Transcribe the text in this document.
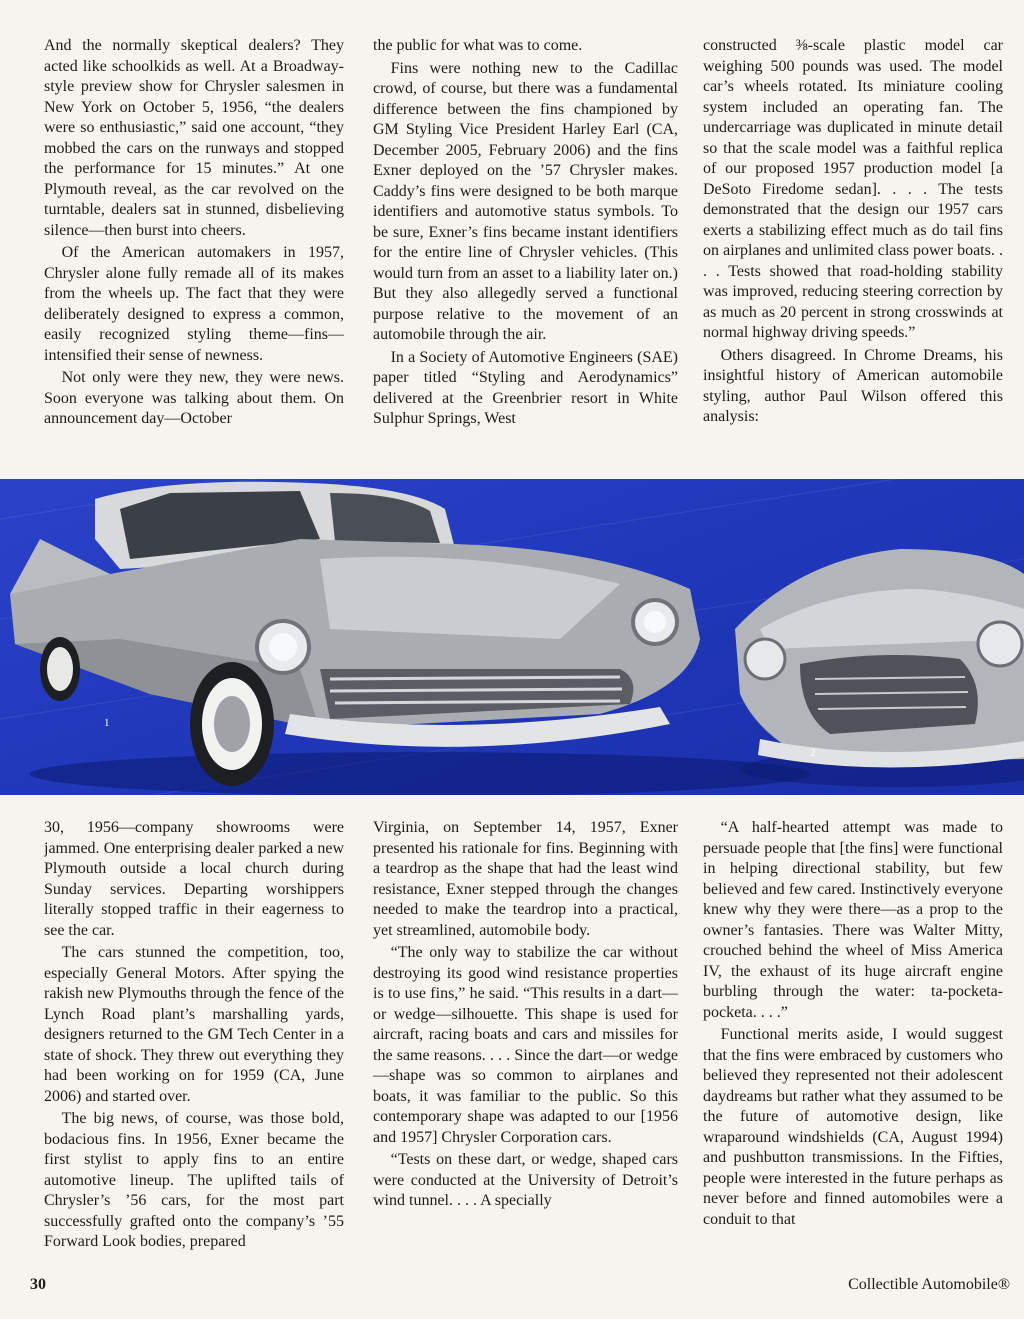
And the normally skeptical dealers? They acted like schoolkids as well. At a Broadway-style preview show for Chrysler salesmen in New York on October 5, 1956, “the dealers were so enthusiastic,” said one account, “they mobbed the cars on the runways and stopped the performance for 15 minutes.” At one Plymouth reveal, as the car revolved on the turntable, dealers sat in stunned, disbelieving silence—then burst into cheers.

Of the American automakers in 1957, Chrysler alone fully remade all of its makes from the wheels up. The fact that they were deliberately designed to express a common, easily recognized styling theme—fins—intensified their sense of newness.

Not only were they new, they were news. Soon everyone was talking about them. On announcement day—October

the public for what was to come.

Fins were nothing new to the Cadillac crowd, of course, but there was a fundamental difference between the fins championed by GM Styling Vice President Harley Earl (CA, December 2005, February 2006) and the fins Exner deployed on the ’57 Chrysler makes. Caddy’s fins were designed to be both marque identifiers and automotive status symbols. To be sure, Exner’s fins became instant identifiers for the entire line of Chrysler vehicles. (This would turn from an asset to a liability later on.) But they also allegedly served a functional purpose relative to the movement of an automobile through the air.

In a Society of Automotive Engineers (SAE) paper titled “Styling and Aerodynamics” delivered at the Greenbrier resort in White Sulphur Springs, West

constructed ⅜-scale plastic model car weighing 500 pounds was used. The model car’s wheels rotated. Its miniature cooling system included an operating fan. The undercarriage was duplicated in minute detail so that the scale model was a faithful replica of our proposed 1957 production model [a DeSoto Firedome sedan]. . . . The tests demonstrated that the design our 1957 cars exerts a stabilizing effect much as do tail fins on airplanes and unlimited class power boats. . . . Tests showed that road-holding stability was improved, reducing steering correction by as much as 20 percent in strong crosswinds at normal highway driving speeds.”

Others disagreed. In Chrome Dreams, his insightful history of American automobile styling, author Paul Wilson offered this analysis:

1
2

30, 1956—company showrooms were jammed. One enterprising dealer parked a new Plymouth outside a local church during Sunday services. Departing worshippers literally stopped traffic in their eagerness to see the car.

The cars stunned the competition, too, especially General Motors. After spying the rakish new Plymouths through the fence of the Lynch Road plant’s marshalling yards, designers returned to the GM Tech Center in a state of shock. They threw out everything they had been working on for 1959 (CA, June 2006) and started over.

The big news, of course, was those bold, bodacious fins. In 1956, Exner became the first stylist to apply fins to an entire automotive lineup. The uplifted tails of Chrysler’s ’56 cars, for the most part successfully grafted onto the company’s ’55 Forward Look bodies, prepared

Virginia, on September 14, 1957, Exner presented his rationale for fins. Beginning with a teardrop as the shape that had the least wind resistance, Exner stepped through the changes needed to make the teardrop into a practical, yet streamlined, automobile body.

“The only way to stabilize the car without destroying its good wind resistance properties is to use fins,” he said. “This results in a dart—or wedge—silhouette. This shape is used for aircraft, racing boats and cars and missiles for the same reasons. . . . Since the dart—or wedge—shape was so common to airplanes and boats, it was familiar to the public. So this contemporary shape was adapted to our [1956 and 1957] Chrysler Corporation cars.

“Tests on these dart, or wedge, shaped cars were conducted at the University of Detroit’s wind tunnel. . . . A specially

“A half-hearted attempt was made to persuade people that [the fins] were functional in helping directional stability, but few believed and few cared. Instinctively everyone knew why they were there—as a prop to the owner’s fantasies. There was Walter Mitty, crouched behind the wheel of Miss America IV, the exhaust of its huge aircraft engine burbling through the water: ta-pocketa-pocketa. . . .”

Functional merits aside, I would suggest that the fins were embraced by customers who believed they represented not their adolescent daydreams but rather what they assumed to be the future of automotive design, like wraparound windshields (CA, August 1994) and pushbutton transmissions. In the Fifties, people were interested in the future perhaps as never before and finned automobiles were a conduit to that

30	Collectible Automobile®
